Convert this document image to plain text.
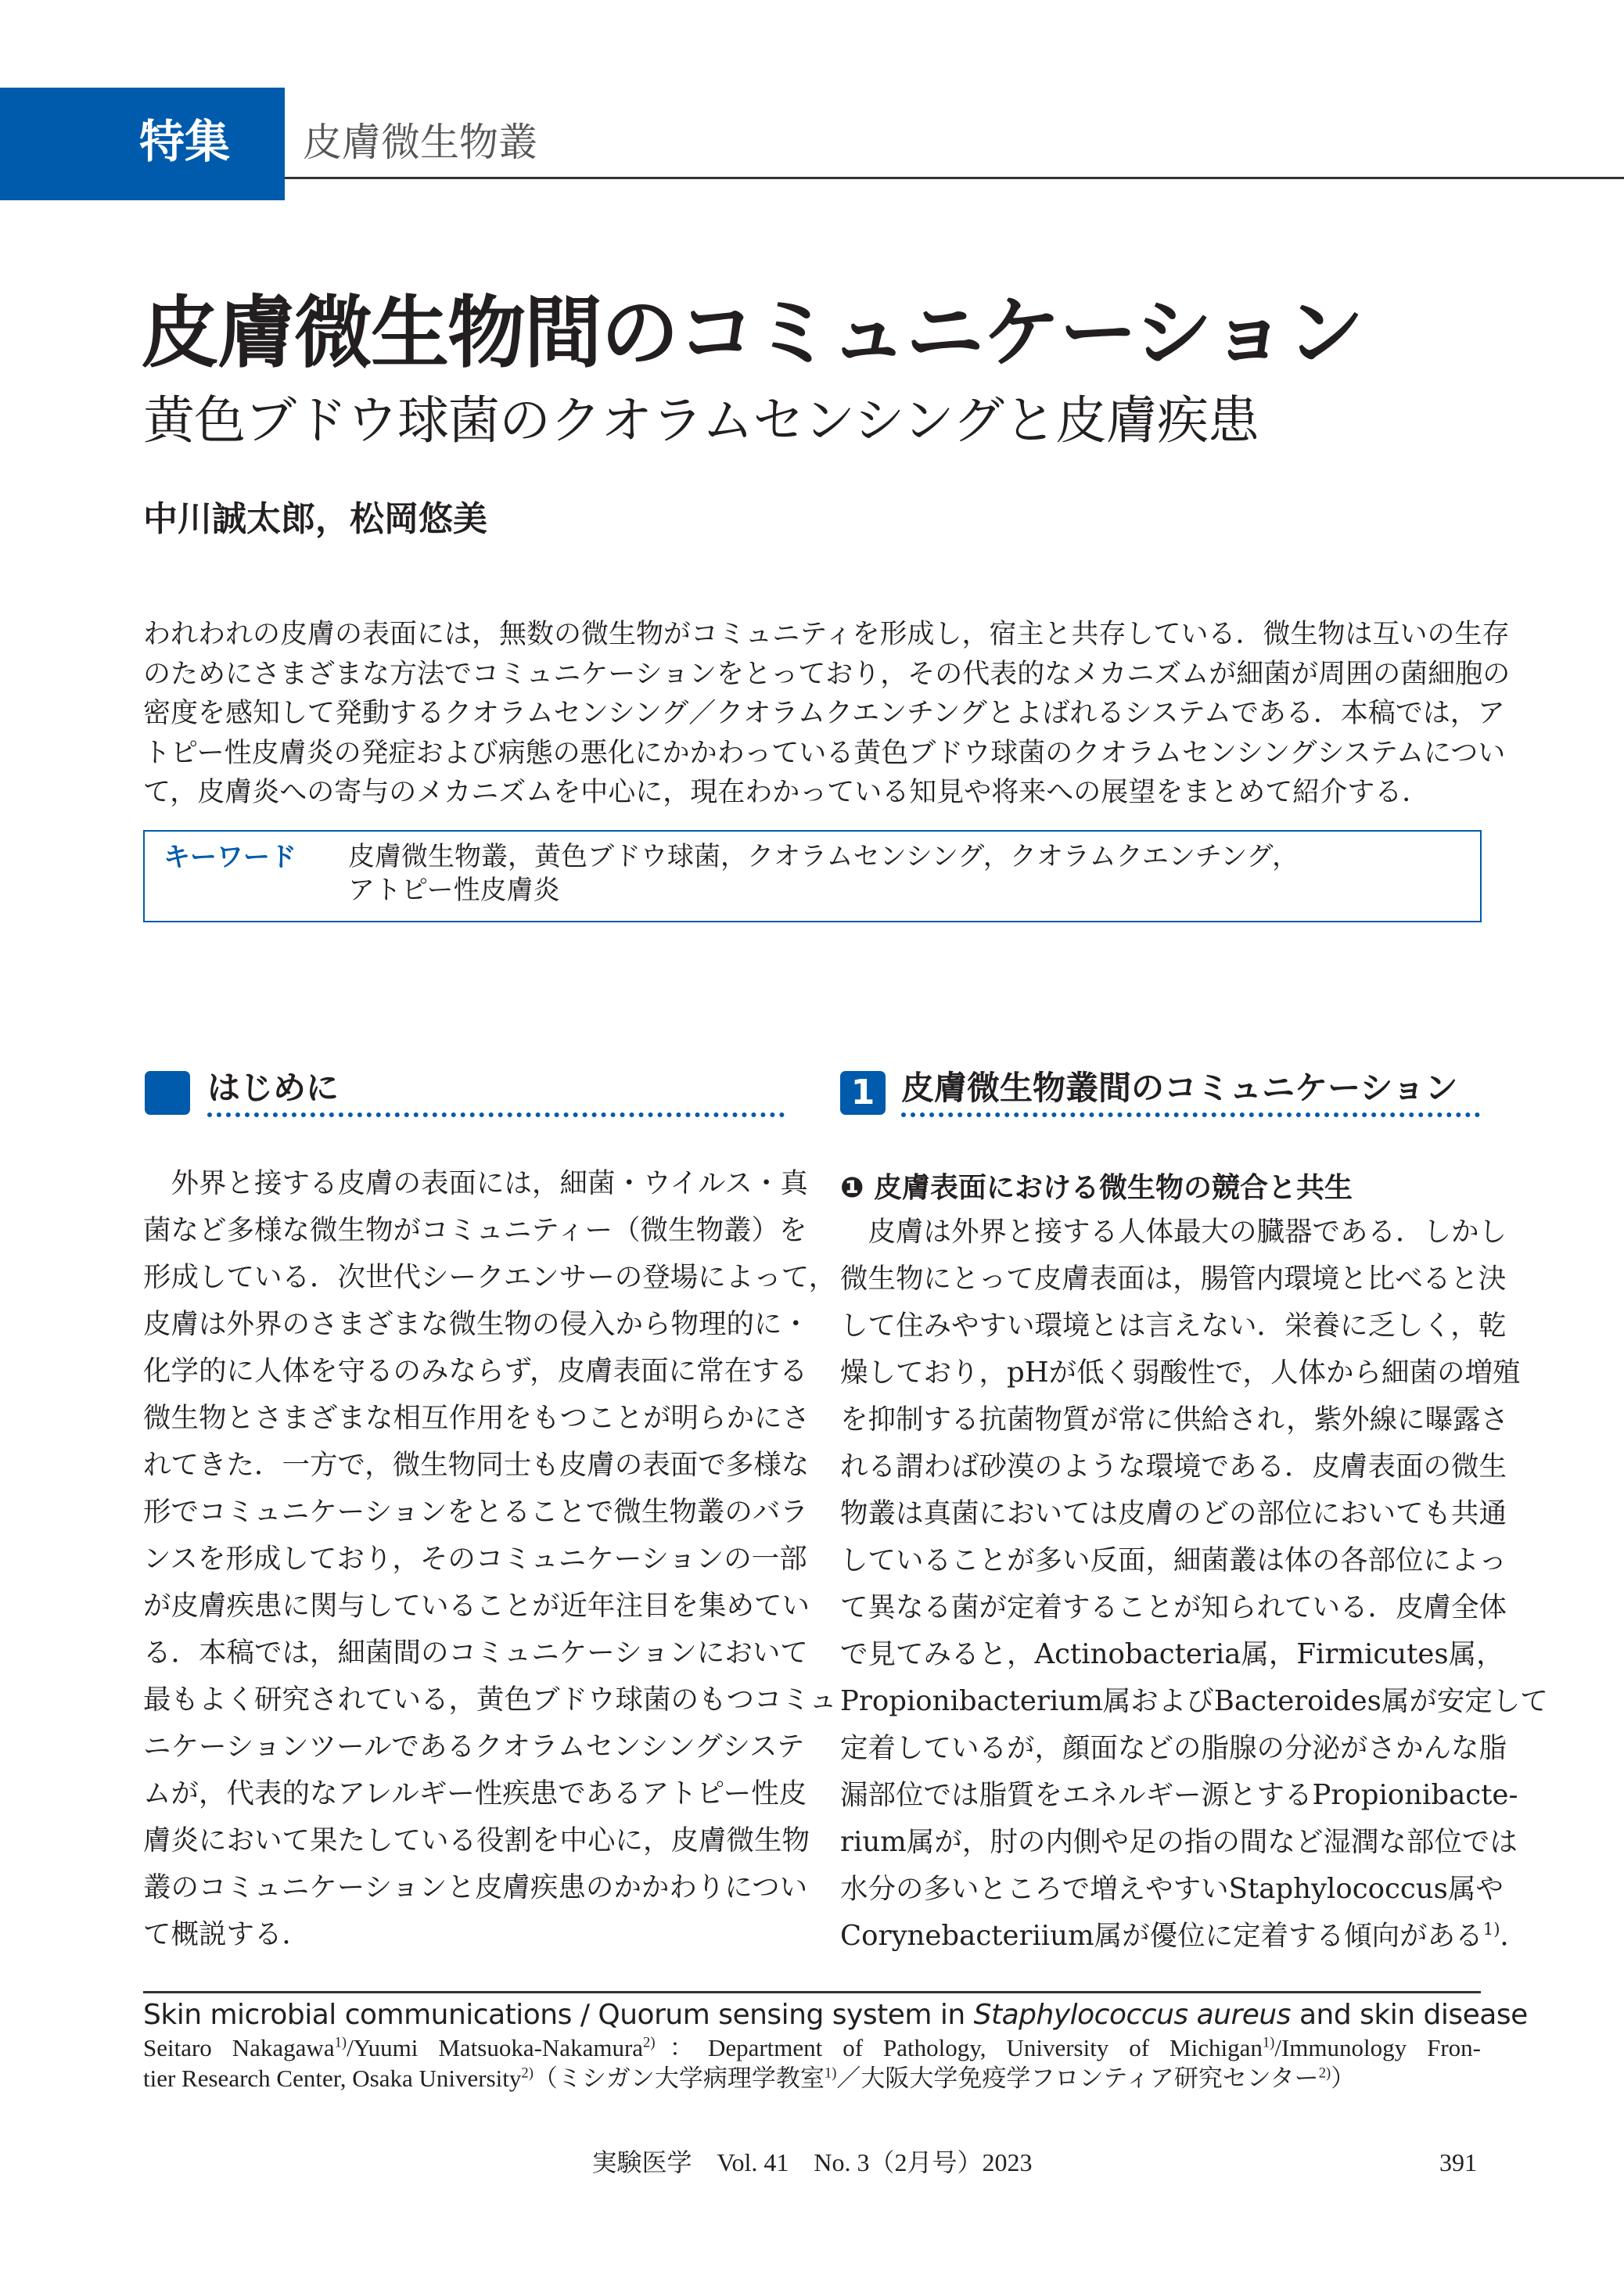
特集 皮膚微生物叢
皮膚微生物間のコミュニケーション
黄色ブドウ球菌のクオラムセンシングと皮膚疾患
中川誠太郎，松岡悠美
われわれの皮膚の表面には，無数の微生物がコミュニティを形成し，宿主と共存している．微生物は互いの生存
のためにさまざまな方法でコミュニケーションをとっており，その代表的なメカニズムが細菌が周囲の菌細胞の
密度を感知して発動するクオラムセンシング／クオラムクエンチングとよばれるシステムである．本稿では，ア
トピー性皮膚炎の発症および病態の悪化にかかわっている黄色ブドウ球菌のクオラムセンシングシステムについ
て，皮膚炎への寄与のメカニズムを中心に，現在わかっている知見や将来への展望をまとめて紹介する．
キーワード 皮膚微生物叢，黄色ブドウ球菌，クオラムセンシング，クオラムクエンチング，
アトピー性皮膚炎
はじめに	1 皮膚微生物叢間のコミュニケーション
　外界と接する皮膚の表面には，細菌・ウイルス・真
菌など多様な微生物がコミュニティー（微生物叢）を
形成している．次世代シークエンサーの登場によって，
皮膚は外界のさまざまな微生物の侵入から物理的に・
化学的に人体を守るのみならず，皮膚表面に常在する
微生物とさまざまな相互作用をもつことが明らかにさ
れてきた．一方で，微生物同士も皮膚の表面で多様な
形でコミュニケーションをとることで微生物叢のバラ
ンスを形成しており，そのコミュニケーションの一部
が皮膚疾患に関与していることが近年注目を集めてい
る．本稿では，細菌間のコミュニケーションにおいて
最もよく研究されている，黄色ブドウ球菌のもつコミュ
ニケーションツールであるクオラムセンシングシステ
ムが，代表的なアレルギー性疾患であるアトピー性皮
膚炎において果たしている役割を中心に，皮膚微生物
叢のコミュニケーションと皮膚疾患のかかわりについ
て概説する．
❶ 皮膚表面における微生物の競合と共生
　皮膚は外界と接する人体最大の臓器である．しかし
微生物にとって皮膚表面は，腸管内環境と比べると決
して住みやすい環境とは言えない．栄養に乏しく，乾
燥しており，pHが低く弱酸性で，人体から細菌の増殖
を抑制する抗菌物質が常に供給され，紫外線に曝露さ
れる謂わば砂漠のような環境である．皮膚表面の微生
物叢は真菌においては皮膚のどの部位においても共通
していることが多い反面，細菌叢は体の各部位によっ
て異なる菌が定着することが知られている．皮膚全体
で見てみると，Actinobacteria属，Firmicutes属，
Propionibacterium属およびBacteroides属が安定して
定着しているが，顔面などの脂腺の分泌がさかんな脂
漏部位では脂質をエネルギー源とするPropionibacte-
rium属が，肘の内側や足の指の間など湿潤な部位では
水分の多いところで増えやすいStaphylococcus属や
Corynebacteriium属が優位に定着する傾向がある$^{1)}$．
Skin microbial communications / Quorum sensing system in Staphylococcus aureus and skin disease
Seitaro Nakagawa$^{1)}$/Yuumi Matsuoka-Nakamura$^{2)}$：Department of Pathology, University of Michigan$^{1)}$/Immunology Fron-
tier Research Center, Osaka University$^{2)}$（ミシガン大学病理学教室$^{1)}$／大阪大学免疫学フロンティア研究センター$^{2)}$）
実験医学　Vol. 41　No. 3（2月号）2023	391
